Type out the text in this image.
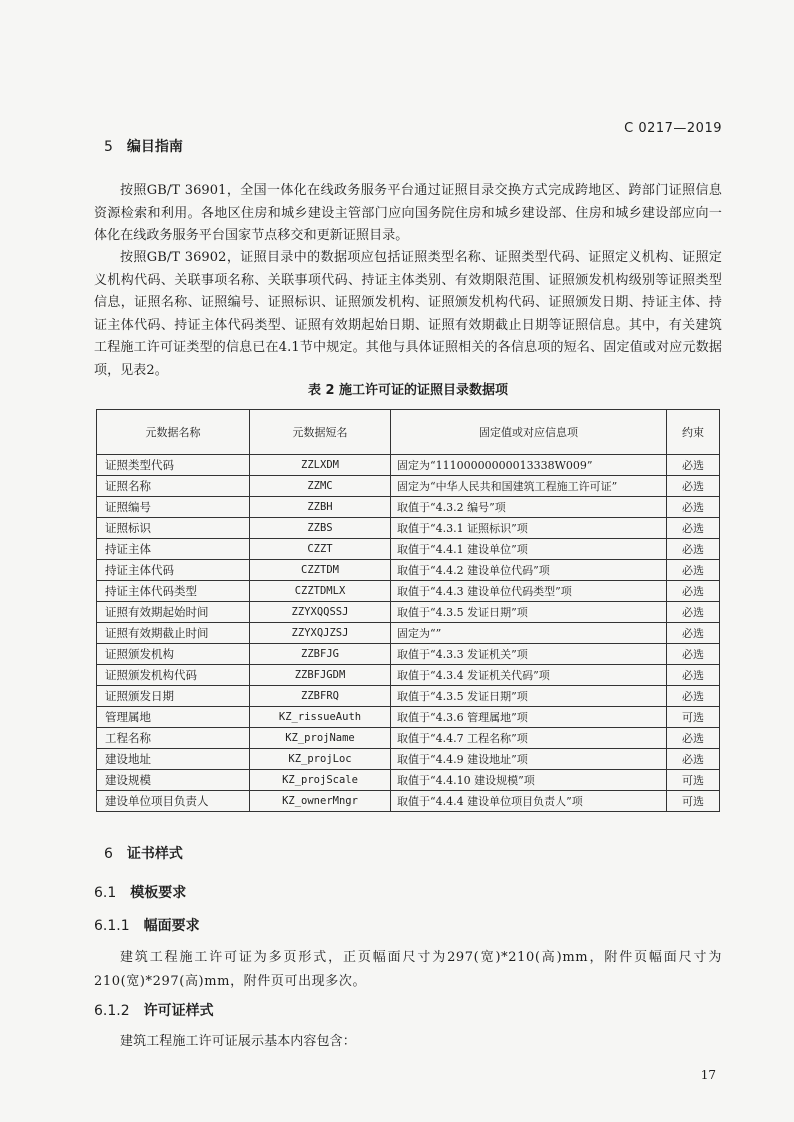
C 0217—2019
5 编目指南
按照GB/T 36901，全国一体化在线政务服务平台通过证照目录交换方式完成跨地区、跨部门证照信息资源检索和利用。各地区住房和城乡建设主管部门应向国务院住房和城乡建设部、住房和城乡建设部应向一体化在线政务服务平台国家节点移交和更新证照目录。
按照GB/T 36902，证照目录中的数据项应包括证照类型名称、证照类型代码、证照定义机构、证照定义机构代码、关联事项名称、关联事项代码、持证主体类别、有效期限范围、证照颁发机构级别等证照类型信息，证照名称、证照编号、证照标识、证照颁发机构、证照颁发机构代码、证照颁发日期、持证主体、持证主体代码、持证主体代码类型、证照有效期起始日期、证照有效期截止日期等证照信息。其中，有关建筑工程施工许可证类型的信息已在4.1节中规定。其他与具体证照相关的各信息项的短名、固定值或对应元数据项，见表2。
表 2 施工许可证的证照目录数据项
元数据名称	元数据短名	固定值或对应信息项	约束
证照类型代码	ZZLXDM	固定为“11100000000013338W009”	必选
证照名称	ZZMC	固定为“中华人民共和国建筑工程施工许可证”	必选
证照编号	ZZBH	取值于“4.3.2 编号”项	必选
证照标识	ZZBS	取值于“4.3.1 证照标识”项	必选
持证主体	CZZT	取值于“4.4.1 建设单位”项	必选
持证主体代码	CZZTDM	取值于“4.4.2 建设单位代码”项	必选
持证主体代码类型	CZZTDMLX	取值于“4.4.3 建设单位代码类型”项	必选
证照有效期起始时间	ZZYXQQSSJ	取值于“4.3.5 发证日期”项	必选
证照有效期截止时间	ZZYXQJZSJ	固定为“”	必选
证照颁发机构	ZZBFJG	取值于“4.3.3 发证机关”项	必选
证照颁发机构代码	ZZBFJGDM	取值于“4.3.4 发证机关代码”项	必选
证照颁发日期	ZZBFRQ	取值于“4.3.5 发证日期”项	必选
管理属地	KZ_rissueAuth	取值于“4.3.6 管理属地”项	可选
工程名称	KZ_projName	取值于“4.4.7 工程名称”项	必选
建设地址	KZ_projLoc	取值于“4.4.9 建设地址”项	必选
建设规模	KZ_projScale	取值于“4.4.10 建设规模”项	可选
建设单位项目负责人	KZ_ownerMngr	取值于“4.4.4 建设单位项目负责人”项	可选
6 证书样式
6.1 模板要求
6.1.1 幅面要求
建筑工程施工许可证为多页形式，正页幅面尺寸为297(宽)*210(高)mm，附件页幅面尺寸为210(宽)*297(高)mm，附件页可出现多次。
6.1.2 许可证样式
建筑工程施工许可证展示基本内容包含：
17
